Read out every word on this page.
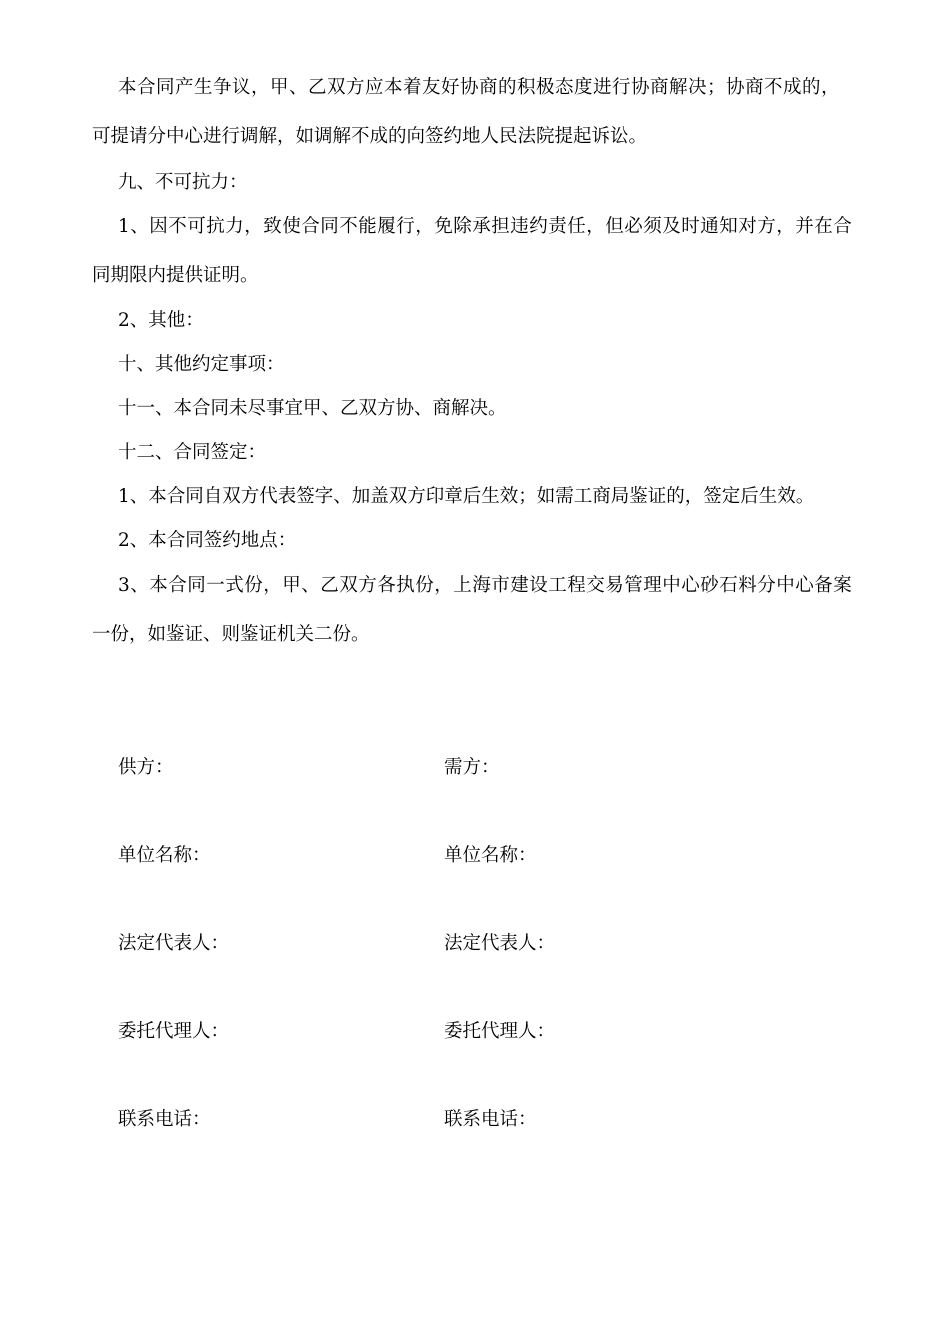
本合同产生争议，甲、乙双方应本着友好协商的积极态度进行协商解决；协商不成的，
可提请分中心进行调解，如调解不成的向签约地人民法院提起诉讼。
九、不可抗力：
1、因不可抗力，致使合同不能履行，免除承担违约责任，但必须及时通知对方，并在合
同期限内提供证明。
2、其他：
十、其他约定事项：
十一、本合同未尽事宜甲、乙双方协、商解决。
十二、合同签定：
1、本合同自双方代表签字、加盖双方印章后生效；如需工商局鉴证的，签定后生效。
2、本合同签约地点：
3、本合同一式份，甲、乙双方各执份，上海市建设工程交易管理中心砂石料分中心备案
一份，如鉴证、则鉴证机关二份。
供方：	需方：
单位名称：	单位名称：
法定代表人：	法定代表人：
委托代理人：	委托代理人：
联系电话：	联系电话：
